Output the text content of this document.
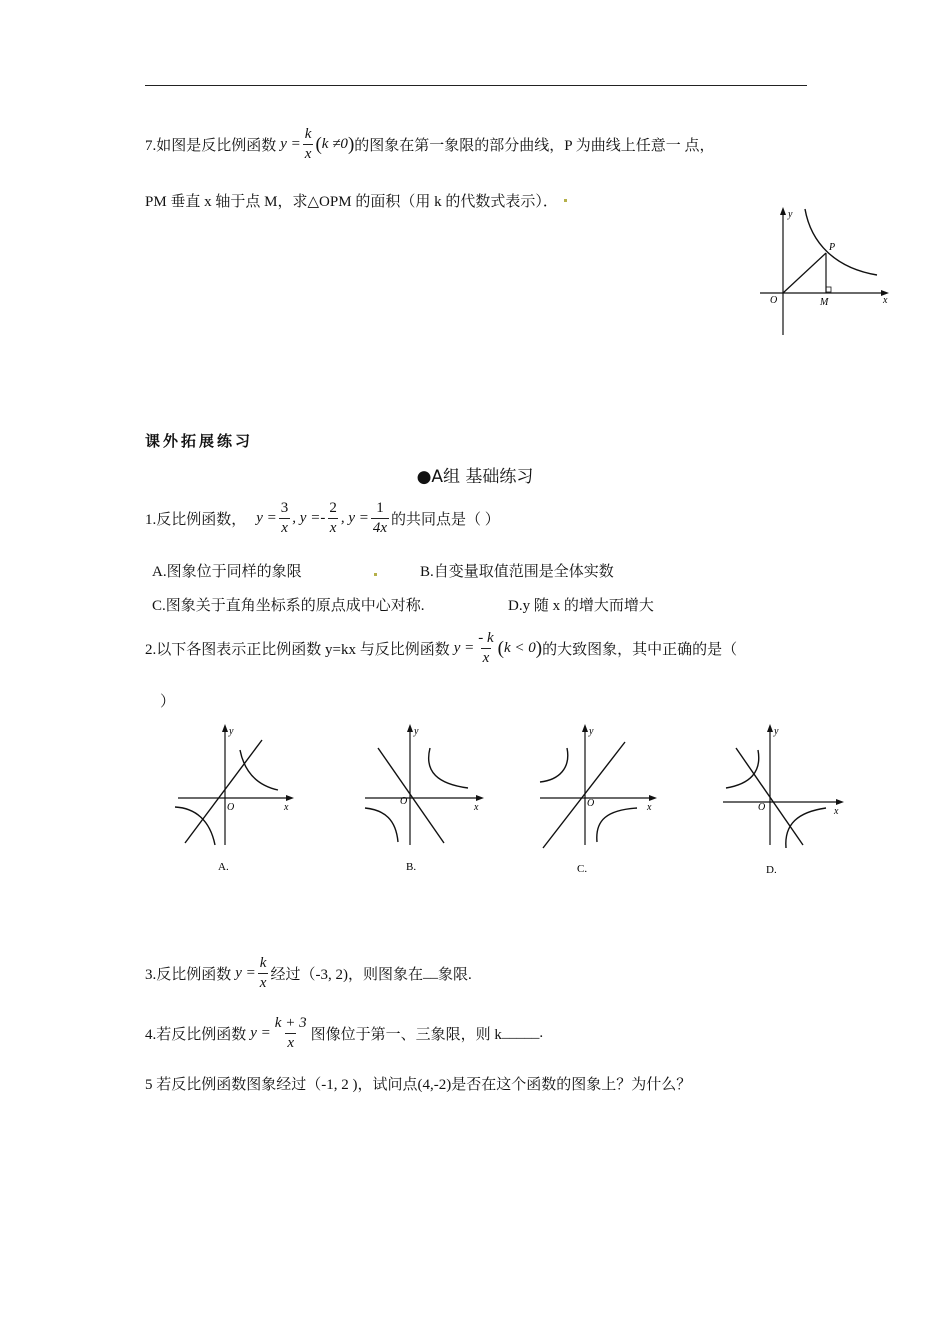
7.如图是反比例函数 $y = \frac{k}{x}$ ( k ≠0 ) 的图象在第一象限的部分曲线，P 为曲线上任意一 点，
PM 垂直 x 轴于点 M，求△OPM 的面积（用 k 的代数式表示）．
y
x
O
P
M
课外拓展练习
●A组 基础练习
1.反比例函数， $y = \frac{3}{x}$ , $y =- \frac{2}{x}$ , $y = \frac{1}{4x}$ 的共同点是（ ）
A.图象位于同样的象限	B.自变量取值范围是全体实数
C.图象关于直角坐标系的原点成中心对称.	D.y 随 x 的增大而增大
2.以下各图表示正比例函数 y=kx 与反比例函数 $y = \frac{- k}{x}$ ( k < 0 ) 的大致图象，其中正确的是（
）
y
x
O
A.
y
x
O
B.
y
x
O
C.
y
x
O
D.
3.反比例函数 $y = \frac{k}{x}$ 经过（-3, 2)，则图象在 __ 象限.
4.若反比例函数 $y = \frac{k + 3}{x}$ 图像位于第一、三象限，则 k _____ .
5 若反比例函数图象经过（-1, 2 )，试问点(4,-2)是否在这个函数的图象上？为什么？
